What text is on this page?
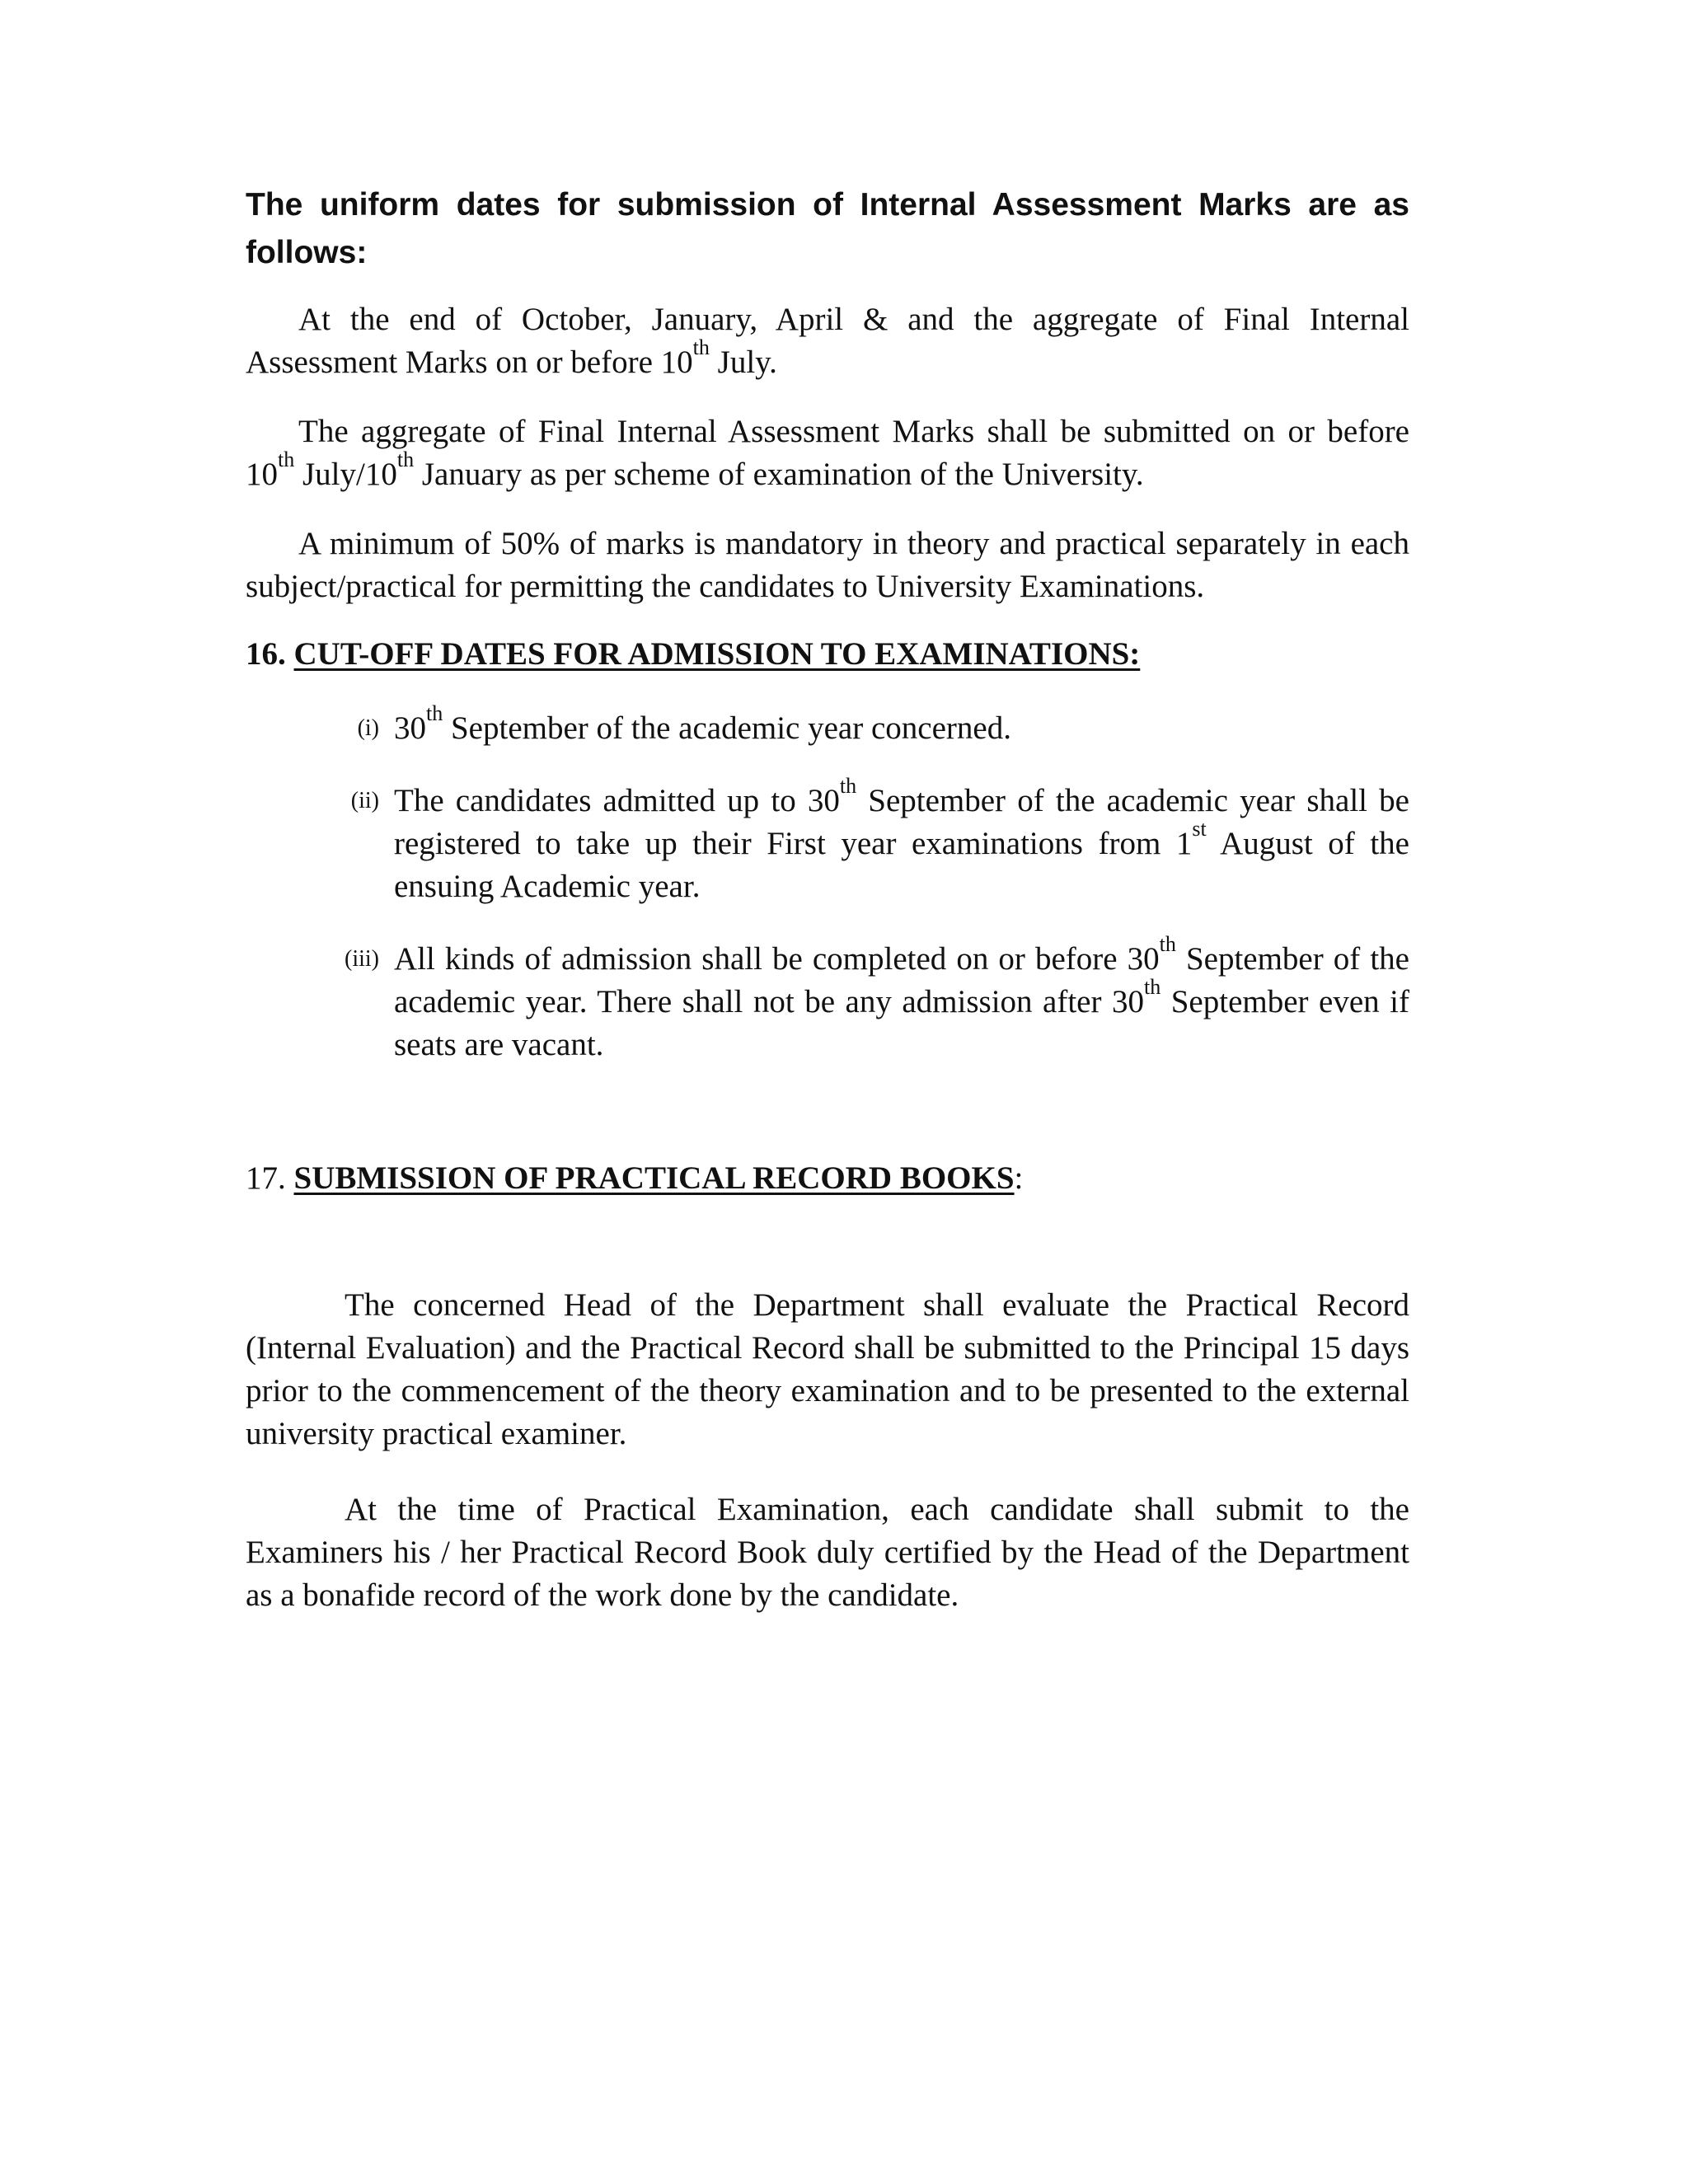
The uniform dates for submission of Internal Assessment Marks are as follows:

At the end of October, January, April & and the aggregate of Final Internal Assessment Marks on or before 10th July.

The aggregate of Final Internal Assessment Marks shall be submitted on or before 10th July/10th January as per scheme of examination of the University.

A minimum of 50% of marks is mandatory in theory and practical separately in each subject/practical for permitting the candidates to University Examinations.

16. CUT-OFF DATES FOR ADMISSION TO EXAMINATIONS:
(i) 30th September of the academic year concerned.
(ii) The candidates admitted up to 30th September of the academic year shall be registered to take up their First year examinations from 1st August of the ensuing Academic year.
(iii) All kinds of admission shall be completed on or before 30th September of the academic year. There shall not be any admission after 30th September even if seats are vacant.
17. SUBMISSION OF PRACTICAL RECORD BOOKS:

The concerned Head of the Department shall evaluate the Practical Record (Internal Evaluation) and the Practical Record shall be submitted to the Principal 15 days prior to the commencement of the theory examination and to be presented to the external university practical examiner.

At the time of Practical Examination, each candidate shall submit to the Examiners his / her Practical Record Book duly certified by the Head of the Department as a bonafide record of the work done by the candidate.
